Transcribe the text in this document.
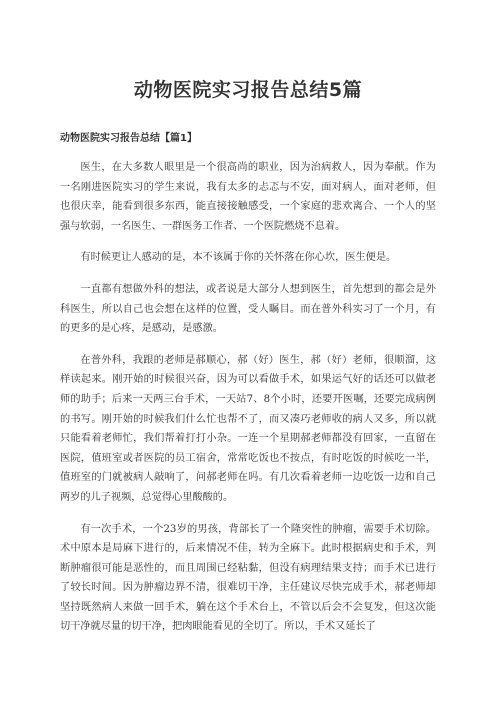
动物医院实习报告总结5篇
动物医院实习报告总结【篇1】

医生，在大多数人眼里是一个很高尚的职业，因为治病救人，因为奉献。作为一名刚进医院实习的学生来说，我有太多的忐忑与不安，面对病人，面对老师，但也很庆幸，能看到很多东西，能直接接触感受，一个家庭的悲欢离合、一个人的坚强与软弱，一名医生、一群医务工作者、一个医院燃烧不息着。

有时候更让人感动的是，本不该属于你的关怀落在你心坎，医生便是。

一直都有想做外科的想法，或者说是大部分人想到医生，首先想到的都会是外科医生，所以自己也会想在这样的位置，受人瞩目。而在普外科实习了一个月，有的更多的是心疼，是感动，是感激。

在普外科，我跟的老师是郝顺心，郝（好）医生，郝（好）老师，很顺溜，这样读起来。刚开始的时候很兴奋，因为可以看做手术，如果运气好的话还可以做老师的助手；后来一天两三台手术，一天站7、8个小时，还要开医嘱，还要完成病例的书写。刚开始的时候我们什么忙也帮不了，而又凑巧老师收的病人又多，所以就只能看着老师忙，我们帮着打打小杂。一连一个星期郝老师都没有回家，一直留在医院，值班室或者医院的员工宿舍，常常吃饭也不按点，有时吃饭的时候吃一半，值班室的门就被病人敲响了，问郝老师在吗。有几次看着老师一边吃饭一边和自己两岁的儿子视频，总觉得心里酸酸的。

有一次手术，一个23岁的男孩，背部长了一个隆突性的肿瘤，需要手术切除。术中原本是局麻下进行的，后来情况不佳，转为全麻下。此时根据病史和手术，判断肿瘤很可能是恶性的，而且周围已经粘黏，但没有病理结果支持；而手术已进行了较长时间。因为肿瘤边界不清，很难切干净，主任建议尽快完成手术，郝老师却坚持既然病人来做一回手术，躺在这个手术台上，不管以后会不会复发，但这次能切干净就尽量的切干净，把肉眼能看见的全切了。所以，手术又延长了
